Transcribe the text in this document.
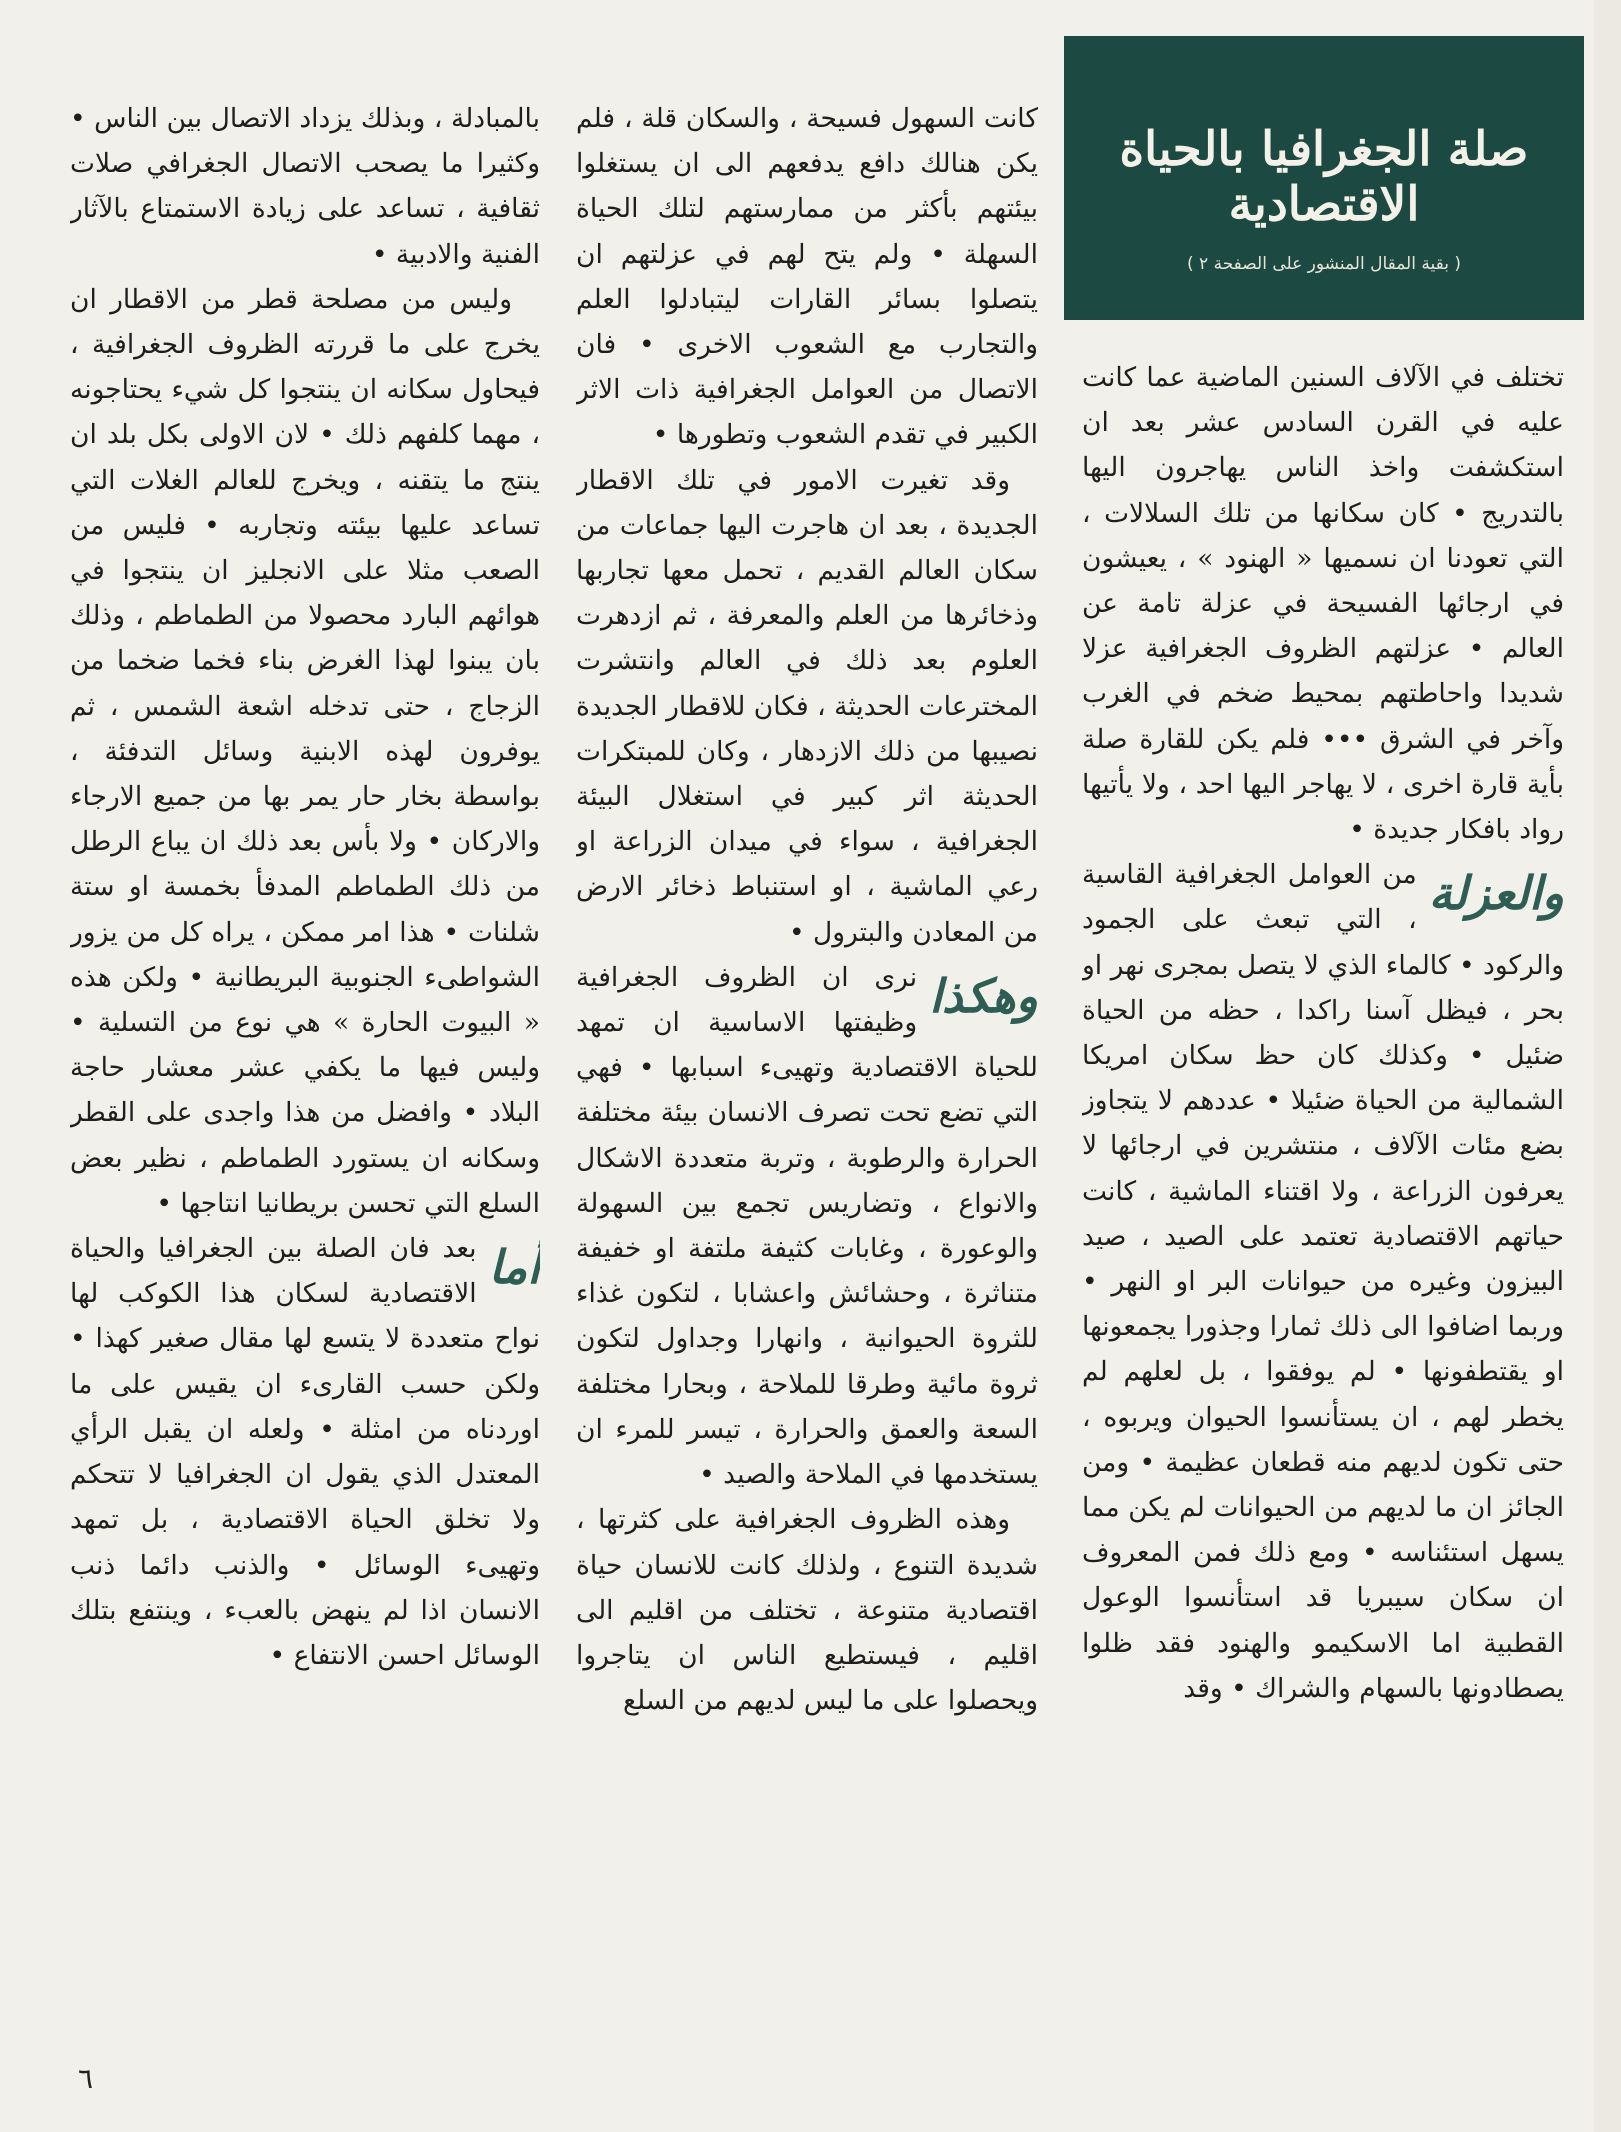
صلة الجغرافيا بالحياة الاقتصادية
( بقية المقال المنشور على الصفحة ٢ )

تختلف في الآلاف السنين الماضية عما كانت عليه في القرن السادس عشر بعد ان استكشفت واخذ الناس يهاجرون اليها بالتدريج • كان سكانها من تلك السلالات ، التي تعودنا ان نسميها « الهنود » ، يعيشون في ارجائها الفسيحة في عزلة تامة عن العالم • عزلتهم الظروف الجغرافية عزلا شديدا واحاطتهم بمحيط ضخم في الغرب وآخر في الشرق ••• فلم يكن للقارة صلة بأية قارة اخرى ، لا يهاجر اليها احد ، ولا يأتيها رواد بافكار جديدة •

والعزلة
من العوامل الجغرافية القاسية ، التي تبعث على الجمود والركود • كالماء الذي لا يتصل بمجرى نهر او بحر ، فيظل آسنا راكدا ، حظه من الحياة ضئيل • وكذلك كان حظ سكان امريكا الشمالية من الحياة ضئيلا • عددهم لا يتجاوز بضع مئات الآلاف ، منتشرين في ارجائها لا يعرفون الزراعة ، ولا اقتناء الماشية ، كانت حياتهم الاقتصادية تعتمد على الصيد ، صيد البيزون وغيره من حيوانات البر او النهر • وربما اضافوا الى ذلك ثمارا وجذورا يجمعونها او يقتطفونها • لم يوفقوا ، بل لعلهم لم يخطر لهم ، ان يستأنسوا الحيوان ويربوه ، حتى تكون لديهم منه قطعان عظيمة • ومن الجائز ان ما لديهم من الحيوانات لم يكن مما يسهل استئناسه • ومع ذلك فمن المعروف ان سكان سيبريا قد استأنسوا الوعول القطبية اما الاسكيمو والهنود فقد ظلوا يصطادونها بالسهام والشراك • وقد

كانت السهول فسيحة ، والسكان قلة ، فلم يكن هنالك دافع يدفعهم الى ان يستغلوا بيئتهم بأكثر من ممارستهم لتلك الحياة السهلة • ولم يتح لهم في عزلتهم ان يتصلوا بسائر القارات ليتبادلوا العلم والتجارب مع الشعوب الاخرى • فان الاتصال من العوامل الجغرافية ذات الاثر الكبير في تقدم الشعوب وتطورها •

وقد تغيرت الامور في تلك الاقطار الجديدة ، بعد ان هاجرت اليها جماعات من سكان العالم القديم ، تحمل معها تجاربها وذخائرها من العلم والمعرفة ، ثم ازدهرت العلوم بعد ذلك في العالم وانتشرت المخترعات الحديثة ، فكان للاقطار الجديدة نصيبها من ذلك الازدهار ، وكان للمبتكرات الحديثة اثر كبير في استغلال البيئة الجغرافية ، سواء في ميدان الزراعة او رعي الماشية ، او استنباط ذخائر الارض من المعادن والبترول •

وهكذا
نرى ان الظروف الجغرافية وظيفتها الاساسية ان تمهد للحياة الاقتصادية وتهيىء اسبابها • فهي التي تضع تحت تصرف الانسان بيئة مختلفة الحرارة والرطوبة ، وتربة متعددة الاشكال والانواع ، وتضاريس تجمع بين السهولة والوعورة ، وغابات كثيفة ملتفة او خفيفة متناثرة ، وحشائش واعشابا ، لتكون غذاء للثروة الحيوانية ، وانهارا وجداول لتكون ثروة مائية وطرقا للملاحة ، وبحارا مختلفة السعة والعمق والحرارة ، تيسر للمرء ان يستخدمها في الملاحة والصيد •

وهذه الظروف الجغرافية على كثرتها ، شديدة التنوع ، ولذلك كانت للانسان حياة اقتصادية متنوعة ، تختلف من اقليم الى اقليم ، فيستطيع الناس ان يتاجروا ويحصلوا على ما ليس لديهم من السلع

بالمبادلة ، وبذلك يزداد الاتصال بين الناس • وكثيرا ما يصحب الاتصال الجغرافي صلات ثقافية ، تساعد على زيادة الاستمتاع بالآثار الفنية والادبية •

وليس من مصلحة قطر من الاقطار ان يخرج على ما قررته الظروف الجغرافية ، فيحاول سكانه ان ينتجوا كل شيء يحتاجونه ، مهما كلفهم ذلك • لان الاولى بكل بلد ان ينتج ما يتقنه ، ويخرج للعالم الغلات التي تساعد عليها بيئته وتجاربه • فليس من الصعب مثلا على الانجليز ان ينتجوا في هوائهم البارد محصولا من الطماطم ، وذلك بان يبنوا لهذا الغرض بناء فخما ضخما من الزجاج ، حتى تدخله اشعة الشمس ، ثم يوفرون لهذه الابنية وسائل التدفئة ، بواسطة بخار حار يمر بها من جميع الارجاء والاركان • ولا بأس بعد ذلك ان يباع الرطل من ذلك الطماطم المدفأ بخمسة او ستة شلنات • هذا امر ممكن ، يراه كل من يزور الشواطىء الجنوبية البريطانية • ولكن هذه « البيوت الحارة » هي نوع من التسلية • وليس فيها ما يكفي عشر معشار حاجة البلاد • وافضل من هذا واجدى على القطر وسكانه ان يستورد الطماطم ، نظير بعض السلع التي تحسن بريطانيا انتاجها •

أما
بعد فان الصلة بين الجغرافيا والحياة الاقتصادية لسكان هذا الكوكب لها نواح متعددة لا يتسع لها مقال صغير كهذا • ولكن حسب القارىء ان يقيس على ما اوردناه من امثلة • ولعله ان يقبل الرأي المعتدل الذي يقول ان الجغرافيا لا تتحكم ولا تخلق الحياة الاقتصادية ، بل تمهد وتهيىء الوسائل • والذنب دائما ذنب الانسان اذا لم ينهض بالعبء ، وينتفع بتلك الوسائل احسن الانتفاع •

٦
